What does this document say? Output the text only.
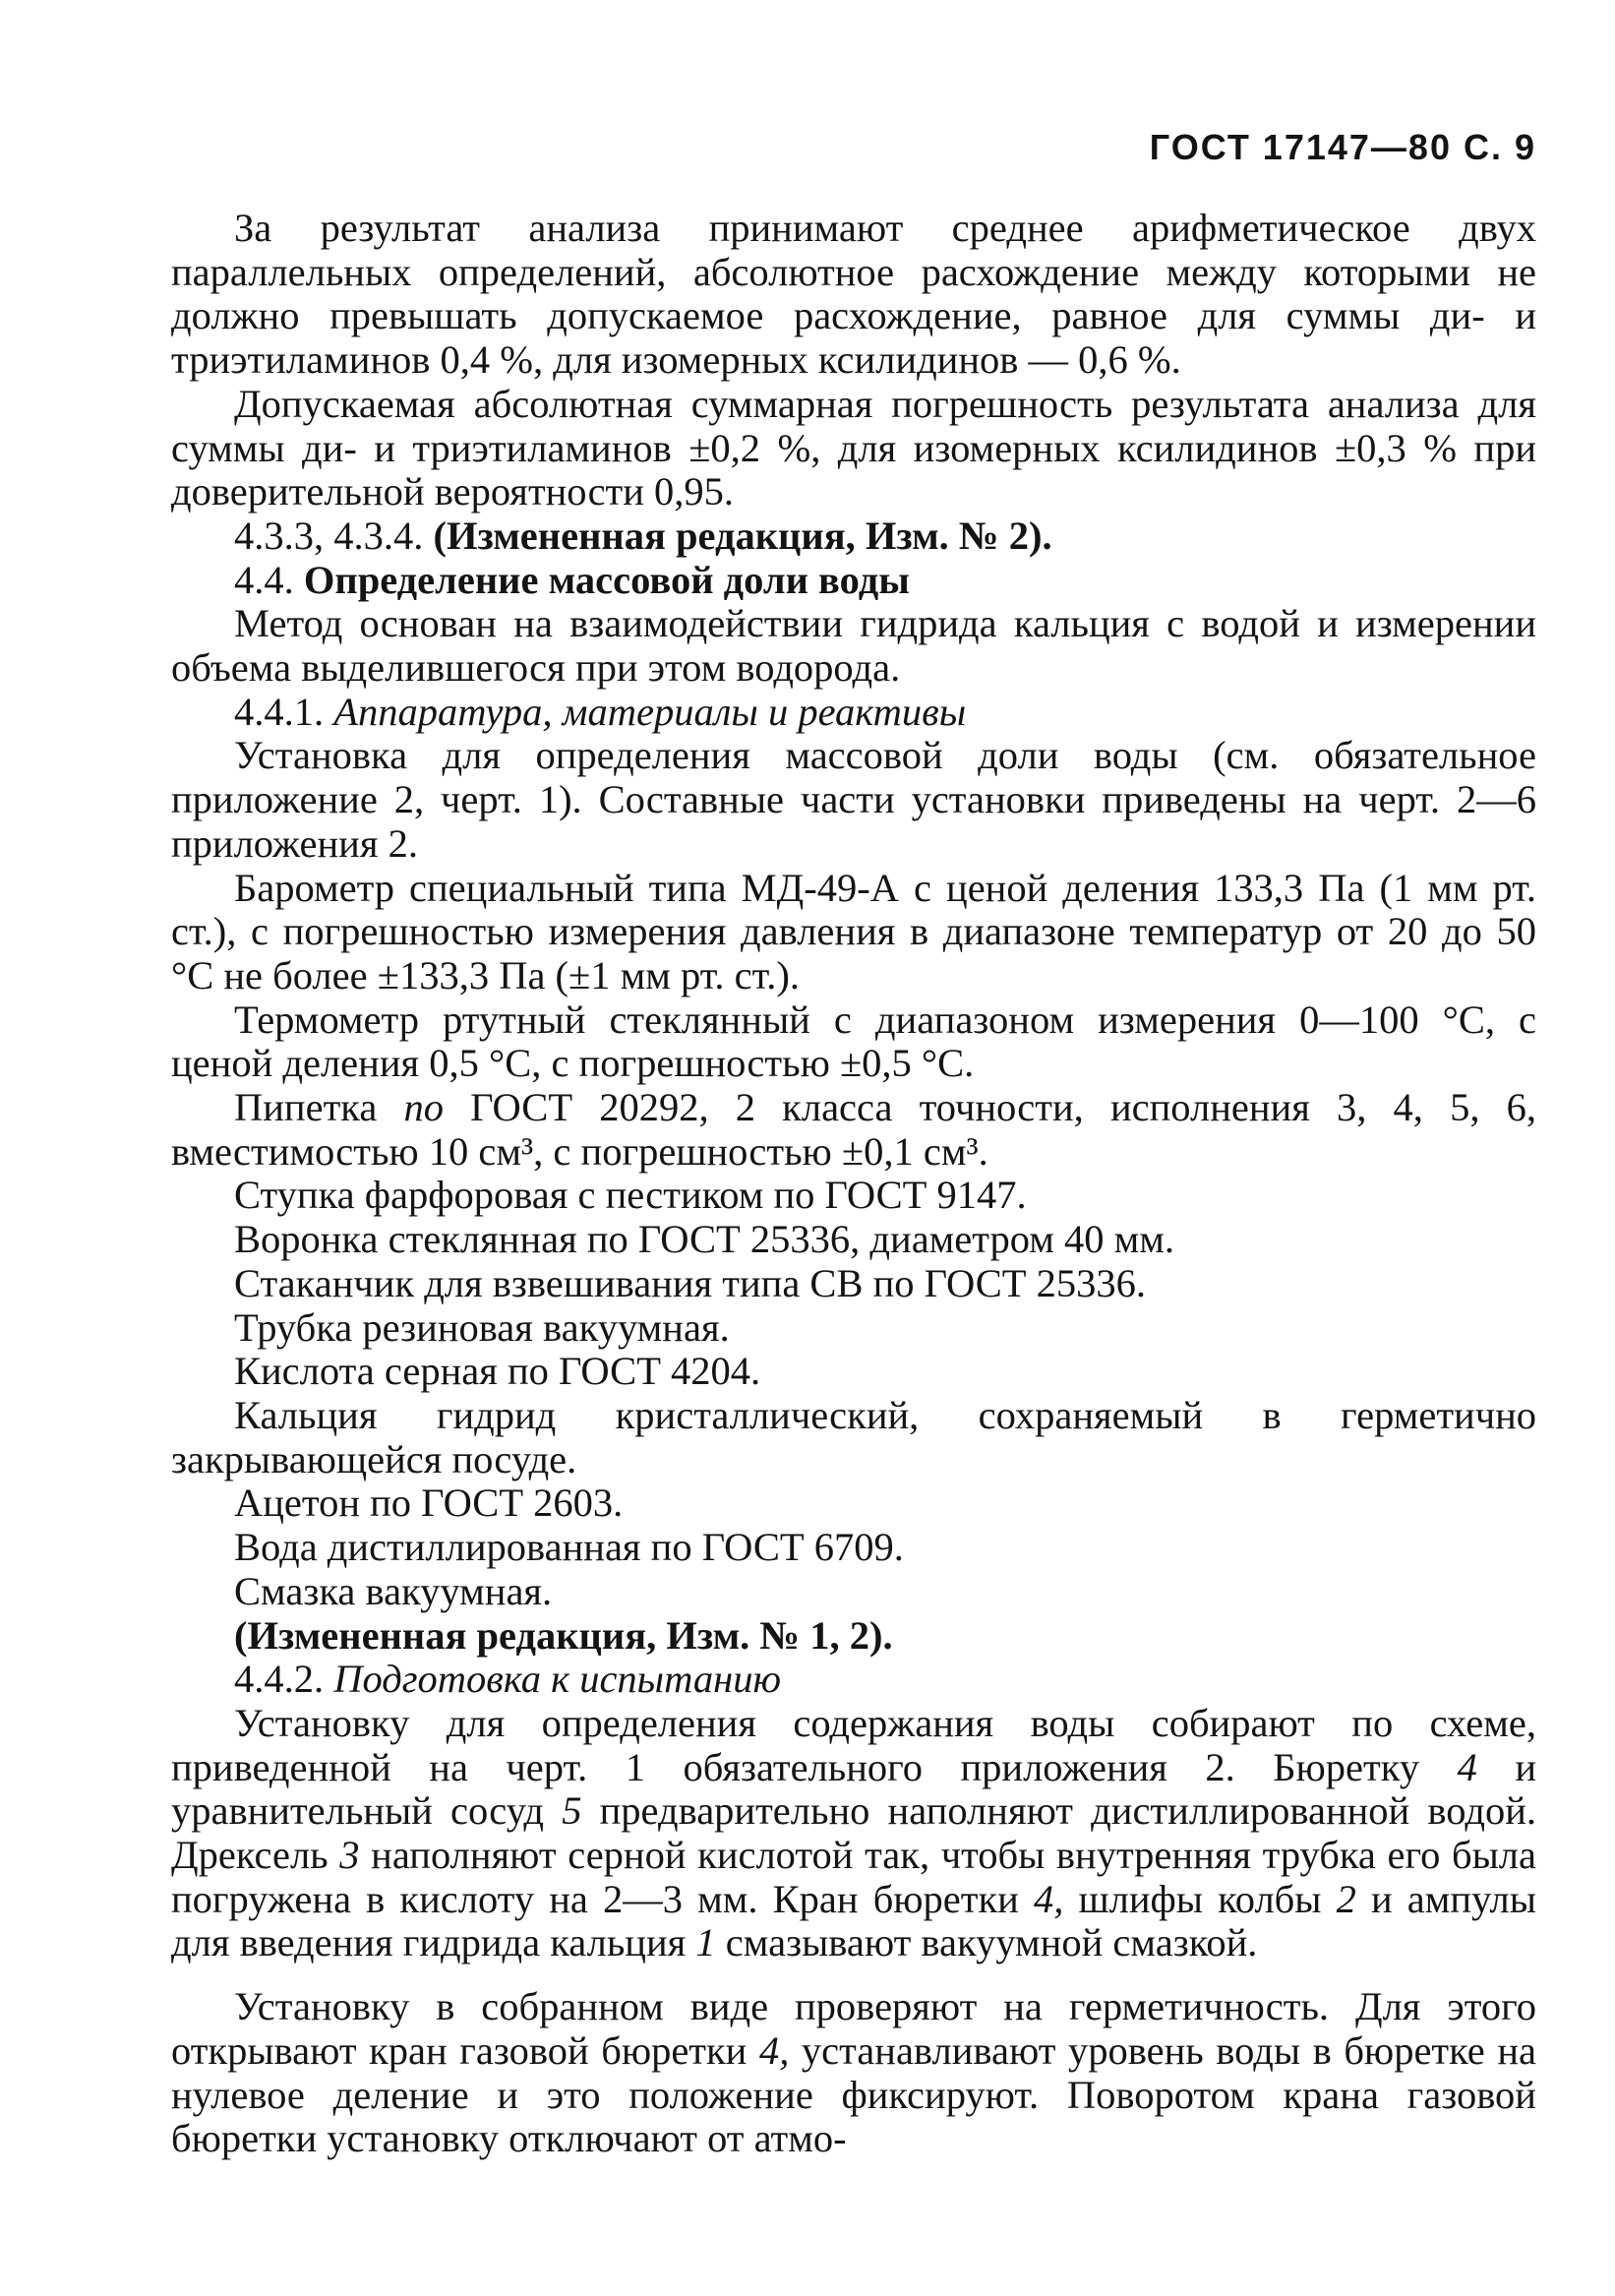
ГОСТ 17147—80 С. 9

За результат анализа принимают среднее арифметическое двух параллельных определений, абсолютное расхождение между которыми не должно превышать допускаемое расхождение, равное для суммы ди- и триэтиламинов 0,4 %, для изомерных ксилидинов — 0,6 %.

Допускаемая абсолютная суммарная погрешность результата анализа для суммы ди- и триэтиламинов ±0,2 %, для изомерных ксилидинов ±0,3 % при доверительной вероятности 0,95.

4.3.3, 4.3.4. (Измененная редакция, Изм. № 2).

4.4. Определение массовой доли воды

Метод основан на взаимодействии гидрида кальция с водой и измерении объема выделившегося при этом водорода.

4.4.1. Аппаратура, материалы и реактивы

Установка для определения массовой доли воды (см. обязательное приложение 2, черт. 1). Составные части установки приведены на черт. 2—6 приложения 2.

Барометр специальный типа МД-49-А с ценой деления 133,3 Па (1 мм рт. ст.), с погрешностью измерения давления в диапазоне температур от 20 до 50 °С не более ±133,3 Па (±1 мм рт. ст.).

Термометр ртутный стеклянный с диапазоном измерения 0—100 °С, с ценой деления 0,5 °С, с погрешностью ±0,5 °С.

Пипетка по ГОСТ 20292, 2 класса точности, исполнения 3, 4, 5, 6, вместимостью 10 см³, с погрешностью ±0,1 см³.

Ступка фарфоровая с пестиком по ГОСТ 9147.

Воронка стеклянная по ГОСТ 25336, диаметром 40 мм.

Стаканчик для взвешивания типа СВ по ГОСТ 25336.

Трубка резиновая вакуумная.

Кислота серная по ГОСТ 4204.

Кальция гидрид кристаллический, сохраняемый в герметично закрывающейся посуде.

Ацетон по ГОСТ 2603.

Вода дистиллированная по ГОСТ 6709.

Смазка вакуумная.

(Измененная редакция, Изм. № 1, 2).

4.4.2. Подготовка к испытанию

Установку для определения содержания воды собирают по схеме, приведенной на черт. 1 обязательного приложения 2. Бюретку 4 и уравнительный сосуд 5 предварительно наполняют дистиллированной водой. Дрексель 3 наполняют серной кислотой так, чтобы внутренняя трубка его была погружена в кислоту на 2—3 мм. Кран бюретки 4, шлифы колбы 2 и ампулы для введения гидрида кальция 1 смазывают вакуумной смазкой.

Установку в собранном виде проверяют на герметичность. Для этого открывают кран газовой бюретки 4, устанавливают уровень воды в бюретке на нулевое деление и это положение фиксируют. Поворотом крана газовой бюретки установку отключают от атмо-
